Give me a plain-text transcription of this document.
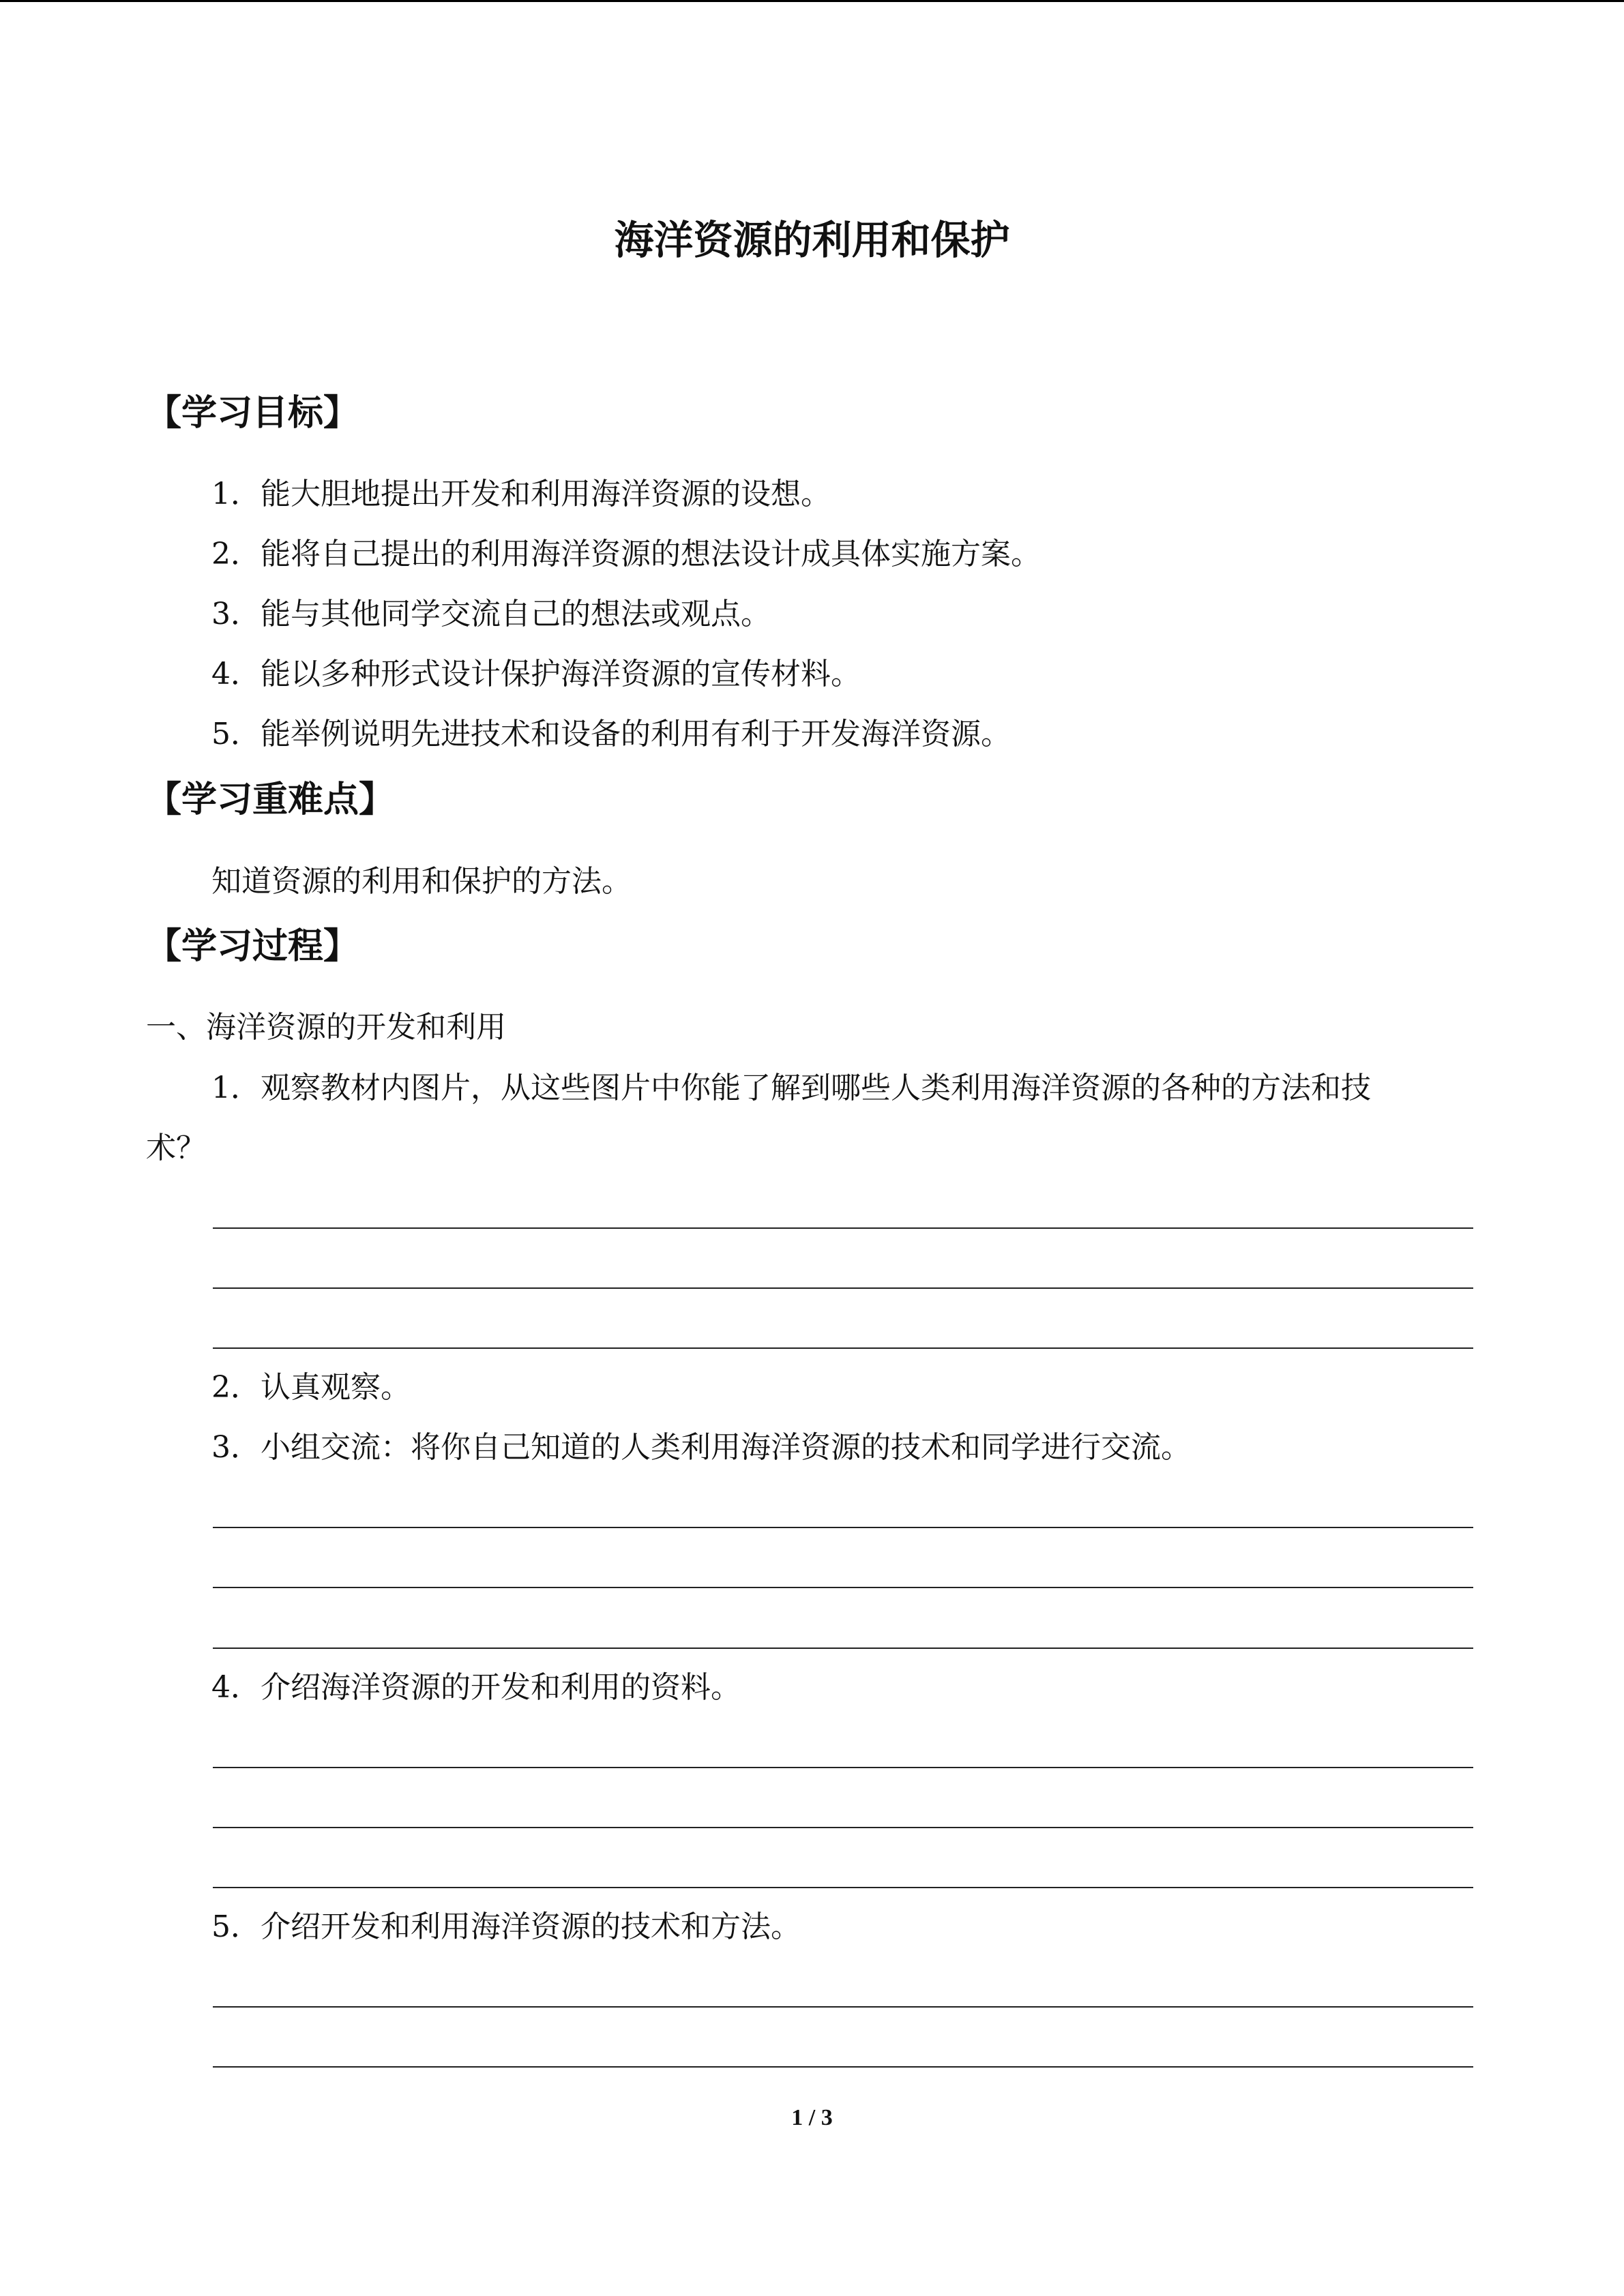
海洋资源的利用和保护
【学习目标】
1．能大胆地提出开发和利用海洋资源的设想。
2．能将自己提出的利用海洋资源的想法设计成具体实施方案。
3．能与其他同学交流自己的想法或观点。
4．能以多种形式设计保护海洋资源的宣传材料。
5．能举例说明先进技术和设备的利用有利于开发海洋资源。
【学习重难点】
知道资源的利用和保护的方法。
【学习过程】
一、海洋资源的开发和利用
1．观察教材内图片，从这些图片中你能了解到哪些人类利用海洋资源的各种的方法和技
术？
2．认真观察。
3．小组交流：将你自己知道的人类利用海洋资源的技术和同学进行交流。
4．介绍海洋资源的开发和利用的资料。
5．介绍开发和利用海洋资源的技术和方法。
1 / 3
